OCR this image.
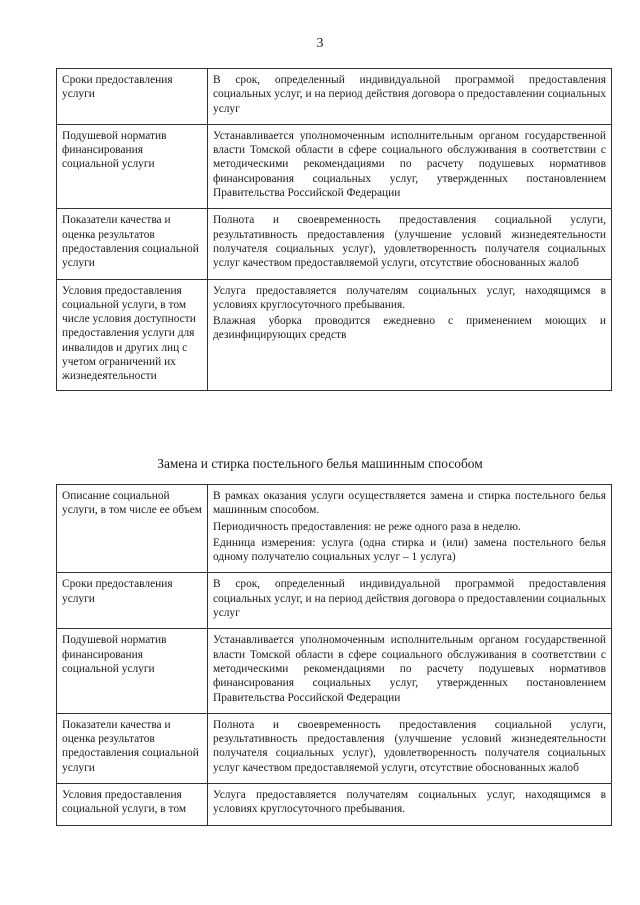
3
Сроки предоставления услуги	В срок, определенный индивидуальной программой предоставления социальных услуг, и на период действия договора о предоставлении социальных услуг

Подушевой норматив финансирования социальной услуги	Устанавливается уполномоченным исполнительным органом государственной власти Томской области в сфере социального обслуживания в соответствии с методическими рекомендациями по расчету подушевых нормативов финансирования социальных услуг, утвержденных постановлением Правительства Российской Федерации

Показатели качества и оценка результатов предоставления социальной услуги	Полнота и своевременность предоставления социальной услуги, результативность предоставления (улучшение условий жизнедеятельности получателя социальных услуг), удовлетворенность получателя социальных услуг качеством предоставляемой услуги, отсутствие обоснованных жалоб

Условия предоставления социальной услуги, в том числе условия доступности предоставления услуги для инвалидов и других лиц с учетом ограничений их жизнедеятельности	Услуга предоставляется получателям социальных услуг, находящимся в условиях круглосуточного пребывания.

Влажная уборка проводится ежедневно с применением моющих и дезинфицирующих средств

Замена и стирка постельного белья машинным способом
Описание социальной услуги, в том числе ее объем	В рамках оказания услуги осуществляется замена и стирка постельного белья машинным способом.

Периодичность предоставления: не реже одного раза в неделю.

Единица измерения: услуга (одна стирка и (или) замена постельного белья одному получателю социальных услуг – 1 услуга)

Сроки предоставления услуги	В срок, определенный индивидуальной программой предоставления социальных услуг, и на период действия договора о предоставлении социальных услуг

Подушевой норматив финансирования социальной услуги	Устанавливается уполномоченным исполнительным органом государственной власти Томской области в сфере социального обслуживания в соответствии с методическими рекомендациями по расчету подушевых нормативов финансирования социальных услуг, утвержденных постановлением Правительства Российской Федерации

Показатели качества и оценка результатов предоставления социальной услуги	Полнота и своевременность предоставления социальной услуги, результативность предоставления (улучшение условий жизнедеятельности получателя социальных услуг), удовлетворенность получателя социальных услуг качеством предоставляемой услуги, отсутствие обоснованных жалоб

Условия предоставления социальной услуги, в том	Услуга предоставляется получателям социальных услуг, находящимся в условиях круглосуточного пребывания.
